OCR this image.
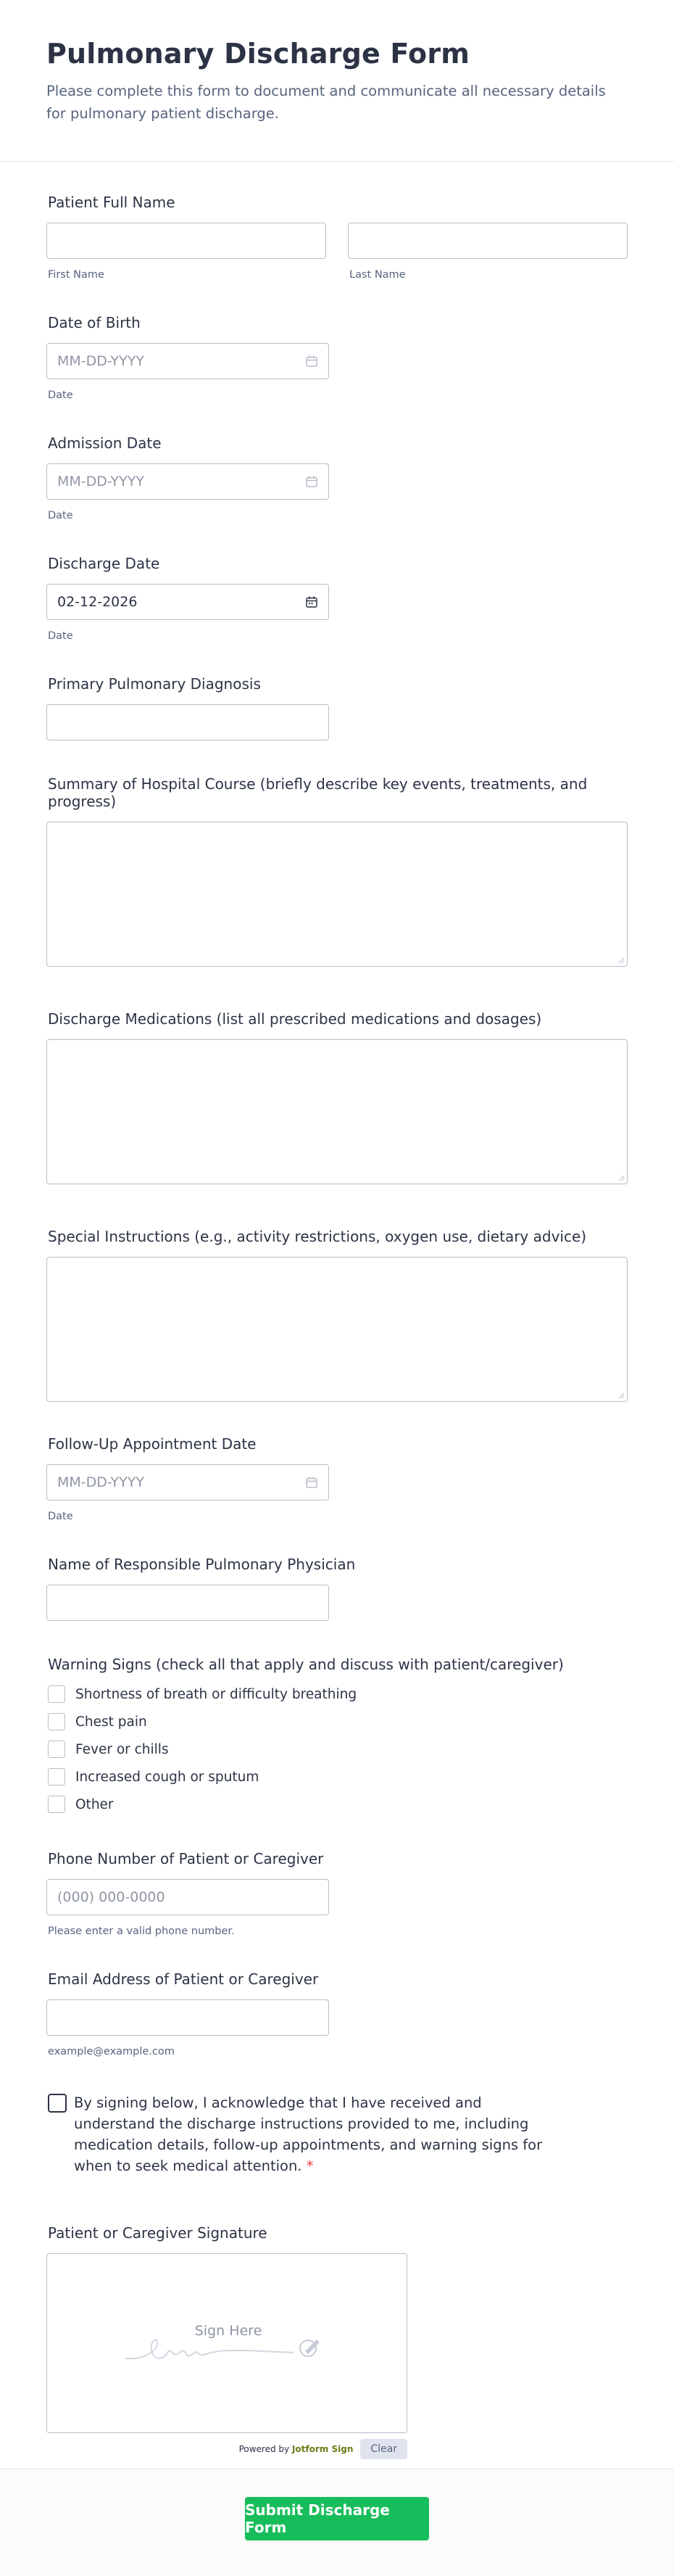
Pulmonary Discharge Form

Please complete this form to document and communicate all necessary details for pulmonary patient discharge.

Patient Full Name
First Name	Last Name
Date of Birth
MM-DD-YYYY
Date
Admission Date
MM-DD-YYYY
Date
Discharge Date
02-12-2026
Date
Primary Pulmonary Diagnosis
Summary of Hospital Course (briefly describe key events, treatments, and progress)
Discharge Medications (list all prescribed medications and dosages)
Special Instructions (e.g., activity restrictions, oxygen use, dietary advice)
Follow-Up Appointment Date
MM-DD-YYYY
Date
Name of Responsible Pulmonary Physician
Warning Signs (check all that apply and discuss with patient/caregiver)
Shortness of breath or difficulty breathing
Chest pain
Fever or chills
Increased cough or sputum
Other
Phone Number of Patient or Caregiver
(000) 000-0000
Please enter a valid phone number.
Email Address of Patient or Caregiver
example@example.com
By signing below, I acknowledge that I have received and understand the discharge instructions provided to me, including medication details, follow-up appointments, and warning signs for when to seek medical attention. *
Patient or Caregiver Signature
Sign Here
Powered by Jotform Sign	Clear
Submit Discharge Form
